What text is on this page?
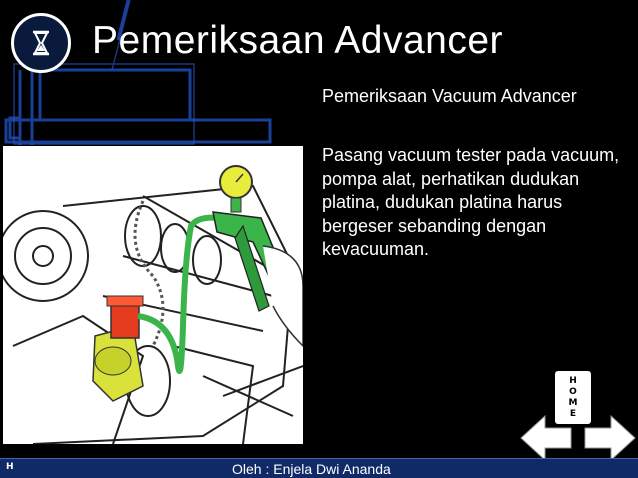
Pemeriksaan Advancer
Pemeriksaan Vacuum Advancer
Pasang vacuum tester pada vacuum, pompa alat, perhatikan dudukan platina, dudukan platina harus bergeser sebanding dengan kevacuuman.
H
O
M
E
H	Oleh : Enjela Dwi Ananda
